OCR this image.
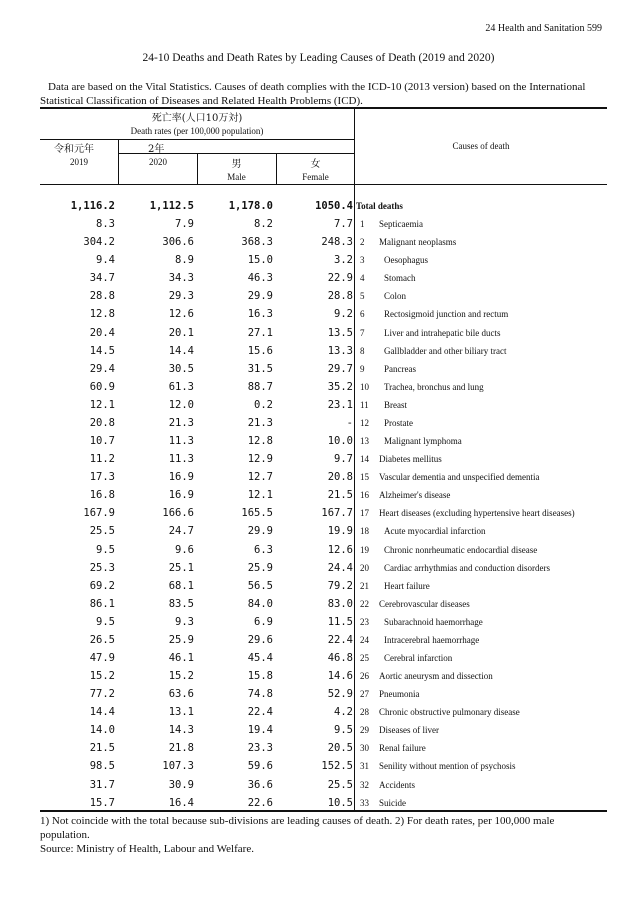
24 Health and Sanitation 599
24-10 Deaths and Death Rates by Leading Causes of Death (2019 and 2020)

Data are based on the Vital Statistics. Causes of death complies with the ICD-10 (2013 version) based on the International

Statistical Classification of Diseases and Related Health Problems (ICD).

死亡率(人口10万対)
Death rates (per 100,000 population)
令和元年
2019
2年
2020	男
Male
女
Female
Causes of death
1,116.2	1,112.5	1,178.0	1050.4 Total deaths
8.3	7.9	8.2	7.7 1	Septicaemia
304.2	306.6	368.3	248.3 2	Malignant neoplasms
9.4	8.9	15.0	3.2 3	Oesophagus
34.7	34.3	46.3	22.9 4	Stomach
28.8	29.3	29.9	28.8 5	Colon
12.8	12.6	16.3	9.2 6	Rectosigmoid junction and rectum
20.4	20.1	27.1	13.5 7	Liver and intrahepatic bile ducts
14.5	14.4	15.6	13.3 8	Gallbladder and other biliary tract
29.4	30.5	31.5	29.7 9	Pancreas
60.9	61.3	88.7	35.2 10	Trachea, bronchus and lung
12.1	12.0	0.2	23.1 11	Breast
20.8	21.3	21.3	- 12	Prostate
10.7	11.3	12.8	10.0 13	Malignant lymphoma
11.2	11.3	12.9	9.7 14	Diabetes mellitus
17.3	16.9	12.7	20.8 15	Vascular dementia and unspecified dementia
16.8	16.9	12.1	21.5 16	Alzheimer's disease
167.9	166.6	165.5	167.7 17	Heart diseases (excluding hypertensive heart diseases)
25.5	24.7	29.9	19.9 18	Acute myocardial infarction
9.5	9.6	6.3	12.6 19	Chronic nonrheumatic endocardial disease
25.3	25.1	25.9	24.4 20	Cardiac arrhythmias and conduction disorders
69.2	68.1	56.5	79.2 21	Heart failure
86.1	83.5	84.0	83.0 22	Cerebrovascular diseases
9.5	9.3	6.9	11.5 23	Subarachnoid haemorrhage
26.5	25.9	29.6	22.4 24	Intracerebral haemorrhage
47.9	46.1	45.4	46.8 25	Cerebral infarction
15.2	15.2	15.8	14.6 26	Aortic aneurysm and dissection
77.2	63.6	74.8	52.9 27	Pneumonia
14.4	13.1	22.4	4.2 28	Chronic obstructive pulmonary disease
14.0	14.3	19.4	9.5 29	Diseases of liver
21.5	21.8	23.3	20.5 30	Renal failure
98.5	107.3	59.6	152.5 31	Senility without mention of psychosis
31.7	30.9	36.6	25.5 32	Accidents
15.7	16.4	22.6	10.5 33	Suicide

1) Not coincide with the total because sub-divisions are leading causes of death. 2) For death rates, per 100,000 male

population.

Source: Ministry of Health, Labour and Welfare.
